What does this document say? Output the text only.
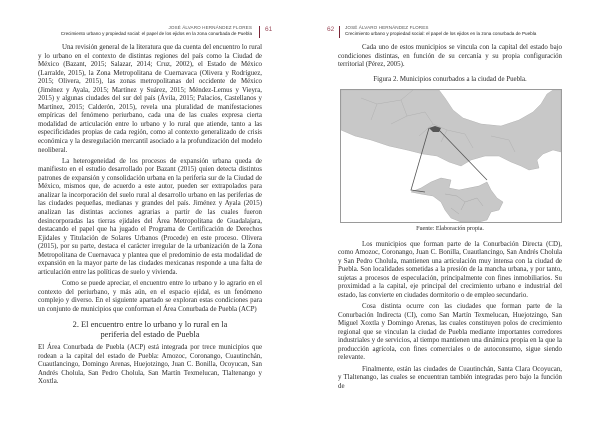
JOSÉ ÁLVARO HERNÁNDEZ FLORES
Crecimiento urbano y propiedad social: el papel de los ejidos en la zona conurbada de Puebla
61

Una revisión general de la literatura que da cuenta del encuentro lo rural y lo urbano en el contexto de distintas regiones del país como la Ciudad de México (Bazant, 2015; Salazar, 2014; Cruz, 2002), el Estado de México (Larralde, 2015), la Zona Metropolitana de Cuernavaca (Olivera y Rodríguez, 2015; Olivera, 2015), las zonas metropolitanas del occidente de México (Jiménez y Ayala, 2015; Martínez y Suárez, 2015; Méndez-Lemus y Vieyra, 2015) y algunas ciudades del sur del país (Ávila, 2015; Palacios, Castellanos y Martínez, 2015; Calderón, 2015), revela una pluralidad de manifestaciones empíricas del fenómeno periurbano, cada una de las cuales expresa cierta modalidad de articulación entre lo urbano y lo rural que atiende, tanto a las especificidades propias de cada región, como al contexto generalizado de crisis económica y la desregulación mercantil asociado a la profundización del modelo neoliberal.

La heterogeneidad de los procesos de expansión urbana queda de manifiesto en el estudio desarrollado por Bazant (2015) quien detecta distintos patrones de expansión y consolidación urbana en la periferia sur de la Ciudad de México, mismos que, de acuerdo a este autor, pueden ser extrapolados para analizar la incorporación del suelo rural al desarrollo urbano en las periferias de las ciudades pequeñas, medianas y grandes del país. Jiménez y Ayala (2015) analizan las distintas acciones agrarias a partir de las cuales fueron desincorporadas las tierras ejidales del Área Metropolitana de Guadalajara, destacando el papel que ha jugado el Programa de Certificación de Derechos Ejidales y Titulación de Solares Urbanos (Procede) en este proceso. Olivera (2015), por su parte, destaca el carácter irregular de la urbanización de la Zona Metropolitana de Cuernavaca y plantea que el predominio de esta modalidad de expansión en la mayor parte de las ciudades mexicanas responde a una falta de articulación entre las políticas de suelo y vivienda.

Como se puede apreciar, el encuentro entre lo urbano y lo agrario en el contexto del periurbano, y más aún, en el espacio ejidal, es un fenómeno complejo y diverso. En el siguiente apartado se exploran estas condiciones para un conjunto de municipios que conforman el Área Conurbada de Puebla (ACP)

2. El encuentro entre lo urbano y lo rural en la
periferia del estado de Puebla

El Área Conurbada de Puebla (ACP) está integrada por trece municipios que rodean a la capital del estado de Puebla: Amozoc, Coronango, Cuautinchán, Cuautlancingo, Domingo Arenas, Huejotzingo, Juan C. Bonilla, Ocoyucan, San Andrés Cholula, San Pedro Cholula, San Martín Texmelucan, Tlaltenango y Xoxtla.

62 JOSÉ ÁLVARO HERNÁNDEZ FLORES
Crecimiento urbano y propiedad social: el papel de los ejidos en la zona conurbada de Puebla

Cada uno de estos municipios se vincula con la capital del estado bajo condiciones distintas, en función de su cercanía y su propia configuración territorial (Pérez, 2005).

Figura 2. Municipios conurbados a la ciudad de Puebla.
Fuente: Elaboración propia.

Los municipios que forman parte de la Conurbación Directa (CD), como Amozoc, Coronango, Juan C. Bonilla, Cuautlancingo, San Andrés Cholula y San Pedro Cholula, mantienen una articulación muy intensa con la ciudad de Puebla. Son localidades sometidas a la presión de la mancha urbana, y por tanto, sujetas a procesos de especulación, principalmente con fines inmobiliarios. Su proximidad a la capital, eje principal del crecimiento urbano e industrial del estado, las convierte en ciudades dormitorio o de empleo secundario.

Cosa distinta ocurre con las ciudades que forman parte de la Conurbación Indirecta (CI), como San Martín Texmelucan, Huejotzingo, San Miguel Xoxtla y Domingo Arenas, las cuales constituyen polos de crecimiento regional que se vinculan la ciudad de Puebla mediante importantes corredores industriales y de servicios, al tiempo mantienen una dinámica propia en la que la producción agrícola, con fines comerciales o de autoconsumo, sigue siendo relevante.

Finalmente, están las ciudades de Cuautinchán, Santa Clara Ocoyucan, y Tlaltenango, las cuales se encuentran también integradas pero bajo la función de
